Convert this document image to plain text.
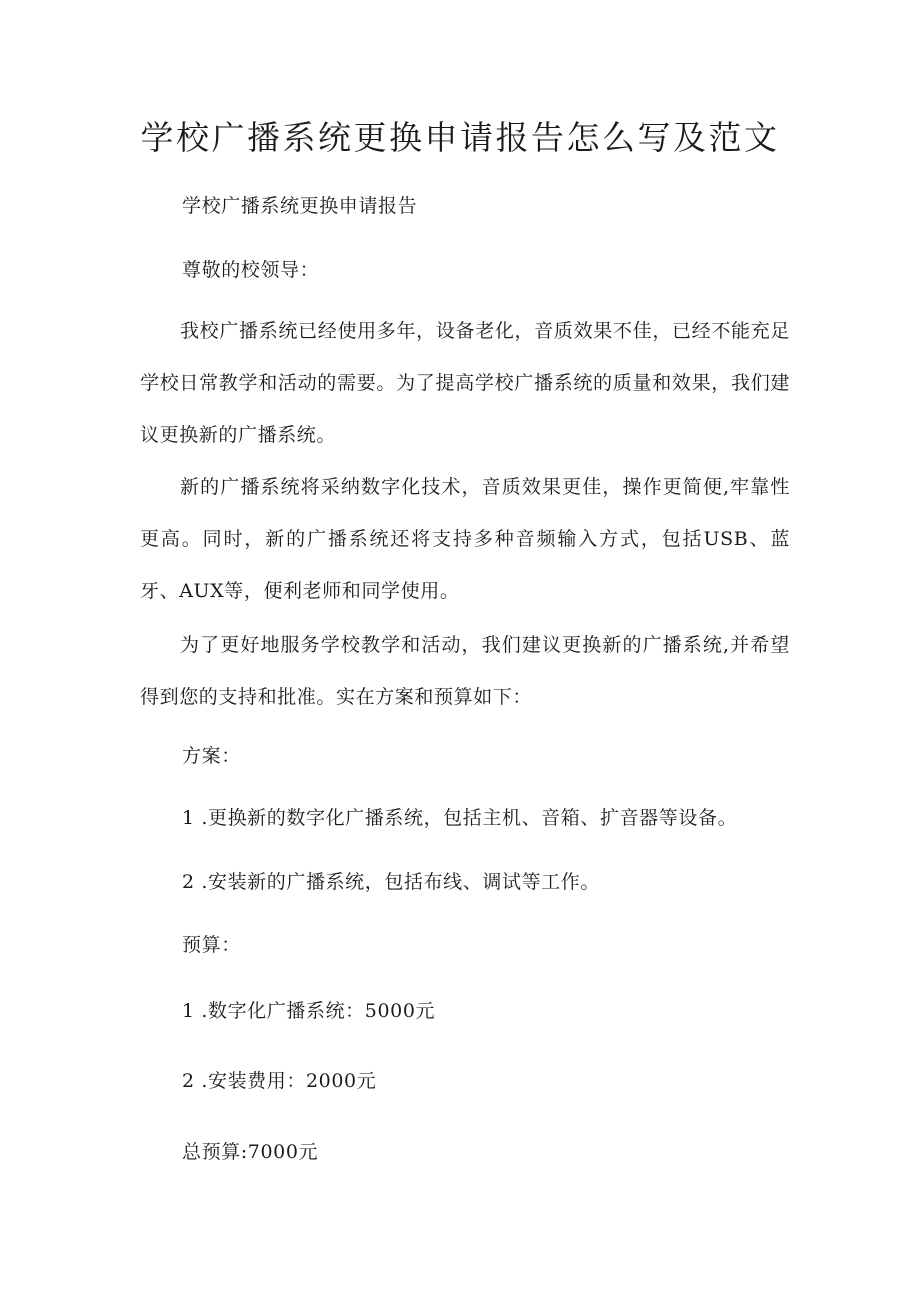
学校广播系统更换申请报告怎么写及范文

学校广播系统更换申请报告

尊敬的校领导：

我校广播系统已经使用多年，设备老化，音质效果不佳，已经不能充足学校日常教学和活动的需要。为了提高学校广播系统的质量和效果，我们建议更换新的广播系统。

新的广播系统将采纳数字化技术，音质效果更佳，操作更简便,牢靠性更高。同时，新的广播系统还将支持多种音频输入方式，包括USB、蓝牙、AUX等，便利老师和同学使用。

为了更好地服务学校教学和活动，我们建议更换新的广播系统,并希望得到您的支持和批准。实在方案和预算如下：

方案：

1 .更换新的数字化广播系统，包括主机、音箱、扩音器等设备。

2 .安装新的广播系统，包括布线、调试等工作。

预算：

1 .数字化广播系统：5000元

2 .安装费用：2000元

总预算:7000元
